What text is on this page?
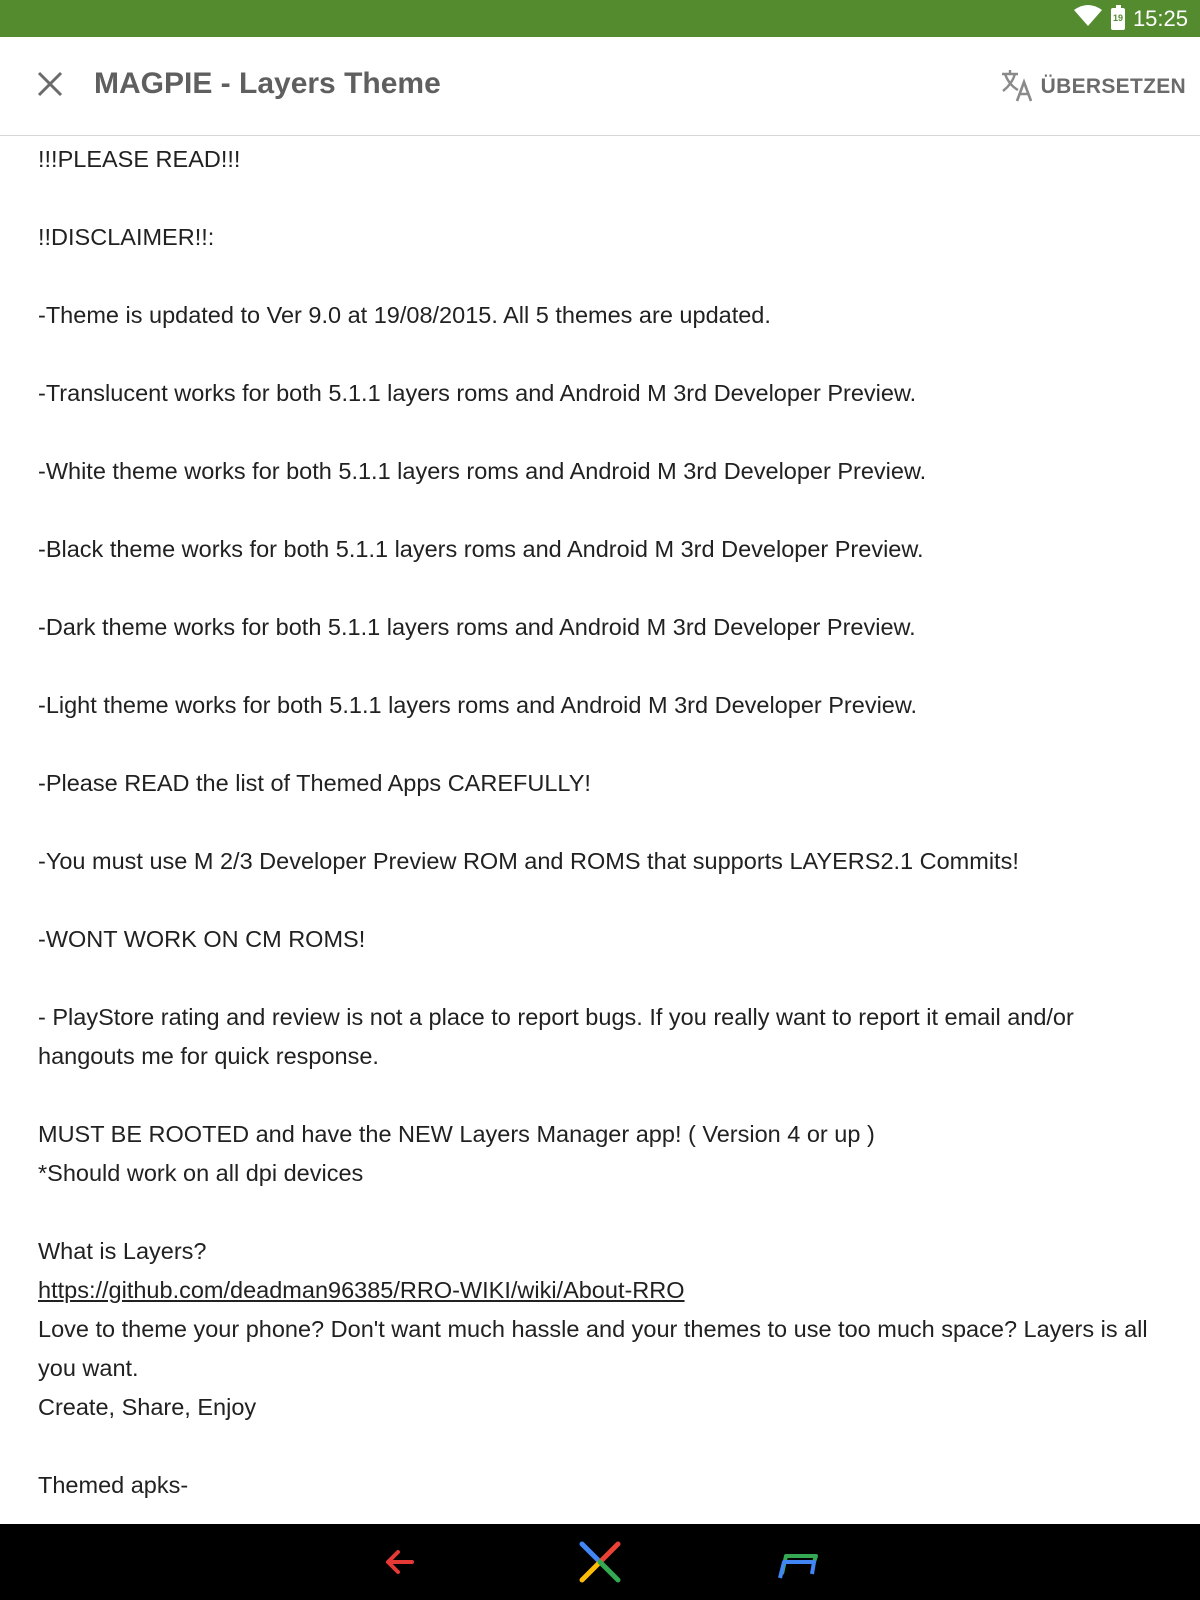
19 15:25
MAGPIE - Layers Theme	ÜBERSETZEN

!!!PLEASE READ!!!

!!DISCLAIMER!!:

-Theme is updated to Ver 9.0 at 19/08/2015. All 5 themes are updated.

-Translucent works for both 5.1.1 layers roms and Android M 3rd Developer Preview.

-White theme works for both 5.1.1 layers roms and Android M 3rd Developer Preview.

-Black theme works for both 5.1.1 layers roms and Android M 3rd Developer Preview.

-Dark theme works for both 5.1.1 layers roms and Android M 3rd Developer Preview.

-Light theme works for both 5.1.1 layers roms and Android M 3rd Developer Preview.

-Please READ the list of Themed Apps CAREFULLY!

-You must use M 2/3 Developer Preview ROM and ROMS that supports LAYERS2.1 Commits!

-WONT WORK ON CM ROMS!

- PlayStore rating and review is not a place to report bugs. If you really want to report it email and/or hangouts me for quick response.

MUST BE ROOTED and have the NEW Layers Manager app! ( Version 4 or up )
*Should work on all dpi devices

What is Layers?
https://github.com/deadman96385/RRO-WIKI/wiki/About-RRO
Love to theme your phone? Don't want much hassle and your themes to use too much space? Layers is all you want.
Create, Share, Enjoy

Themed apks-
